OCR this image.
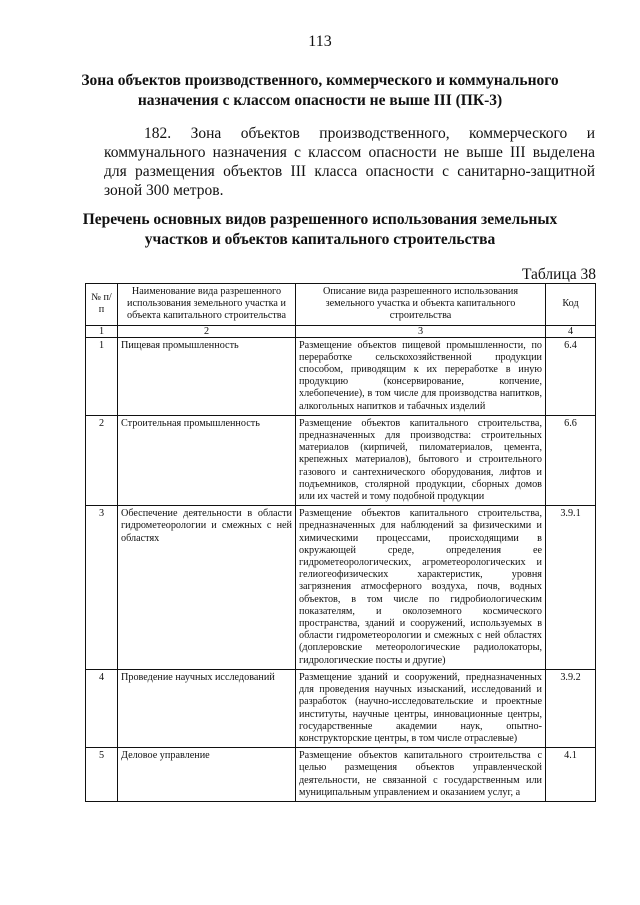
113
Зона объектов производственного, коммерческого и коммунального назначения с классом опасности не выше III (ПК-3)
182. Зона объектов производственного, коммерческого и коммунального назначения с классом опасности не выше III выделена для размещения объектов III класса опасности с санитарно-защитной зоной 300 метров.
Перечень основных видов разрешенного использования земельных участков и объектов капитального строительства
Таблица 38
№ п/п	Наименование вида разрешенного использования земельного участка и объекта капитального строительства	Описание вида разрешенного использования земельного участка и объекта капитального строительства	Код
1	2	3	4
1	Пищевая промышленность	Размещение объектов пищевой промышленности, по переработке сельскохозяйственной продукции способом, приводящим к их переработке в иную продукцию (консервирование, копчение, хлебопечение), в том числе для производства напитков, алкогольных напитков и табачных изделий	6.4
2	Строительная промышленность	Размещение объектов капитального строительства, предназначенных для производства: строительных материалов (кирпичей, пиломатериалов, цемента, крепежных материалов), бытового и строительного газового и сантехнического оборудования, лифтов и подъемников, столярной продукции, сборных домов или их частей и тому подобной продукции	6.6
3	Обеспечение деятельности в области гидрометеорологии и смежных с ней областях	Размещение объектов капитального строительства, предназначенных для наблюдений за физическими и химическими процессами, происходящими в окружающей среде, определения ее гидрометеорологических, агрометеорологических и гелиогеофизических характеристик, уровня загрязнения атмосферного воздуха, почв, водных объектов, в том числе по гидробиологическим показателям, и околоземного космического пространства, зданий и сооружений, используемых в области гидрометеорологии и смежных с ней областях (доплеровские метеорологические радиолокаторы, гидрологические посты и другие)	3.9.1
4	Проведение научных исследований	Размещение зданий и сооружений, предназначенных для проведения научных изысканий, исследований и разработок (научно-исследовательские и проектные институты, научные центры, инновационные центры, государственные академии наук, опытно-конструкторские центры, в том числе отраслевые)	3.9.2
5	Деловое управление	Размещение объектов капитального строительства с целью размещения объектов управленческой деятельности, не связанной с государственным или муниципальным управлением и оказанием услуг, а	4.1
